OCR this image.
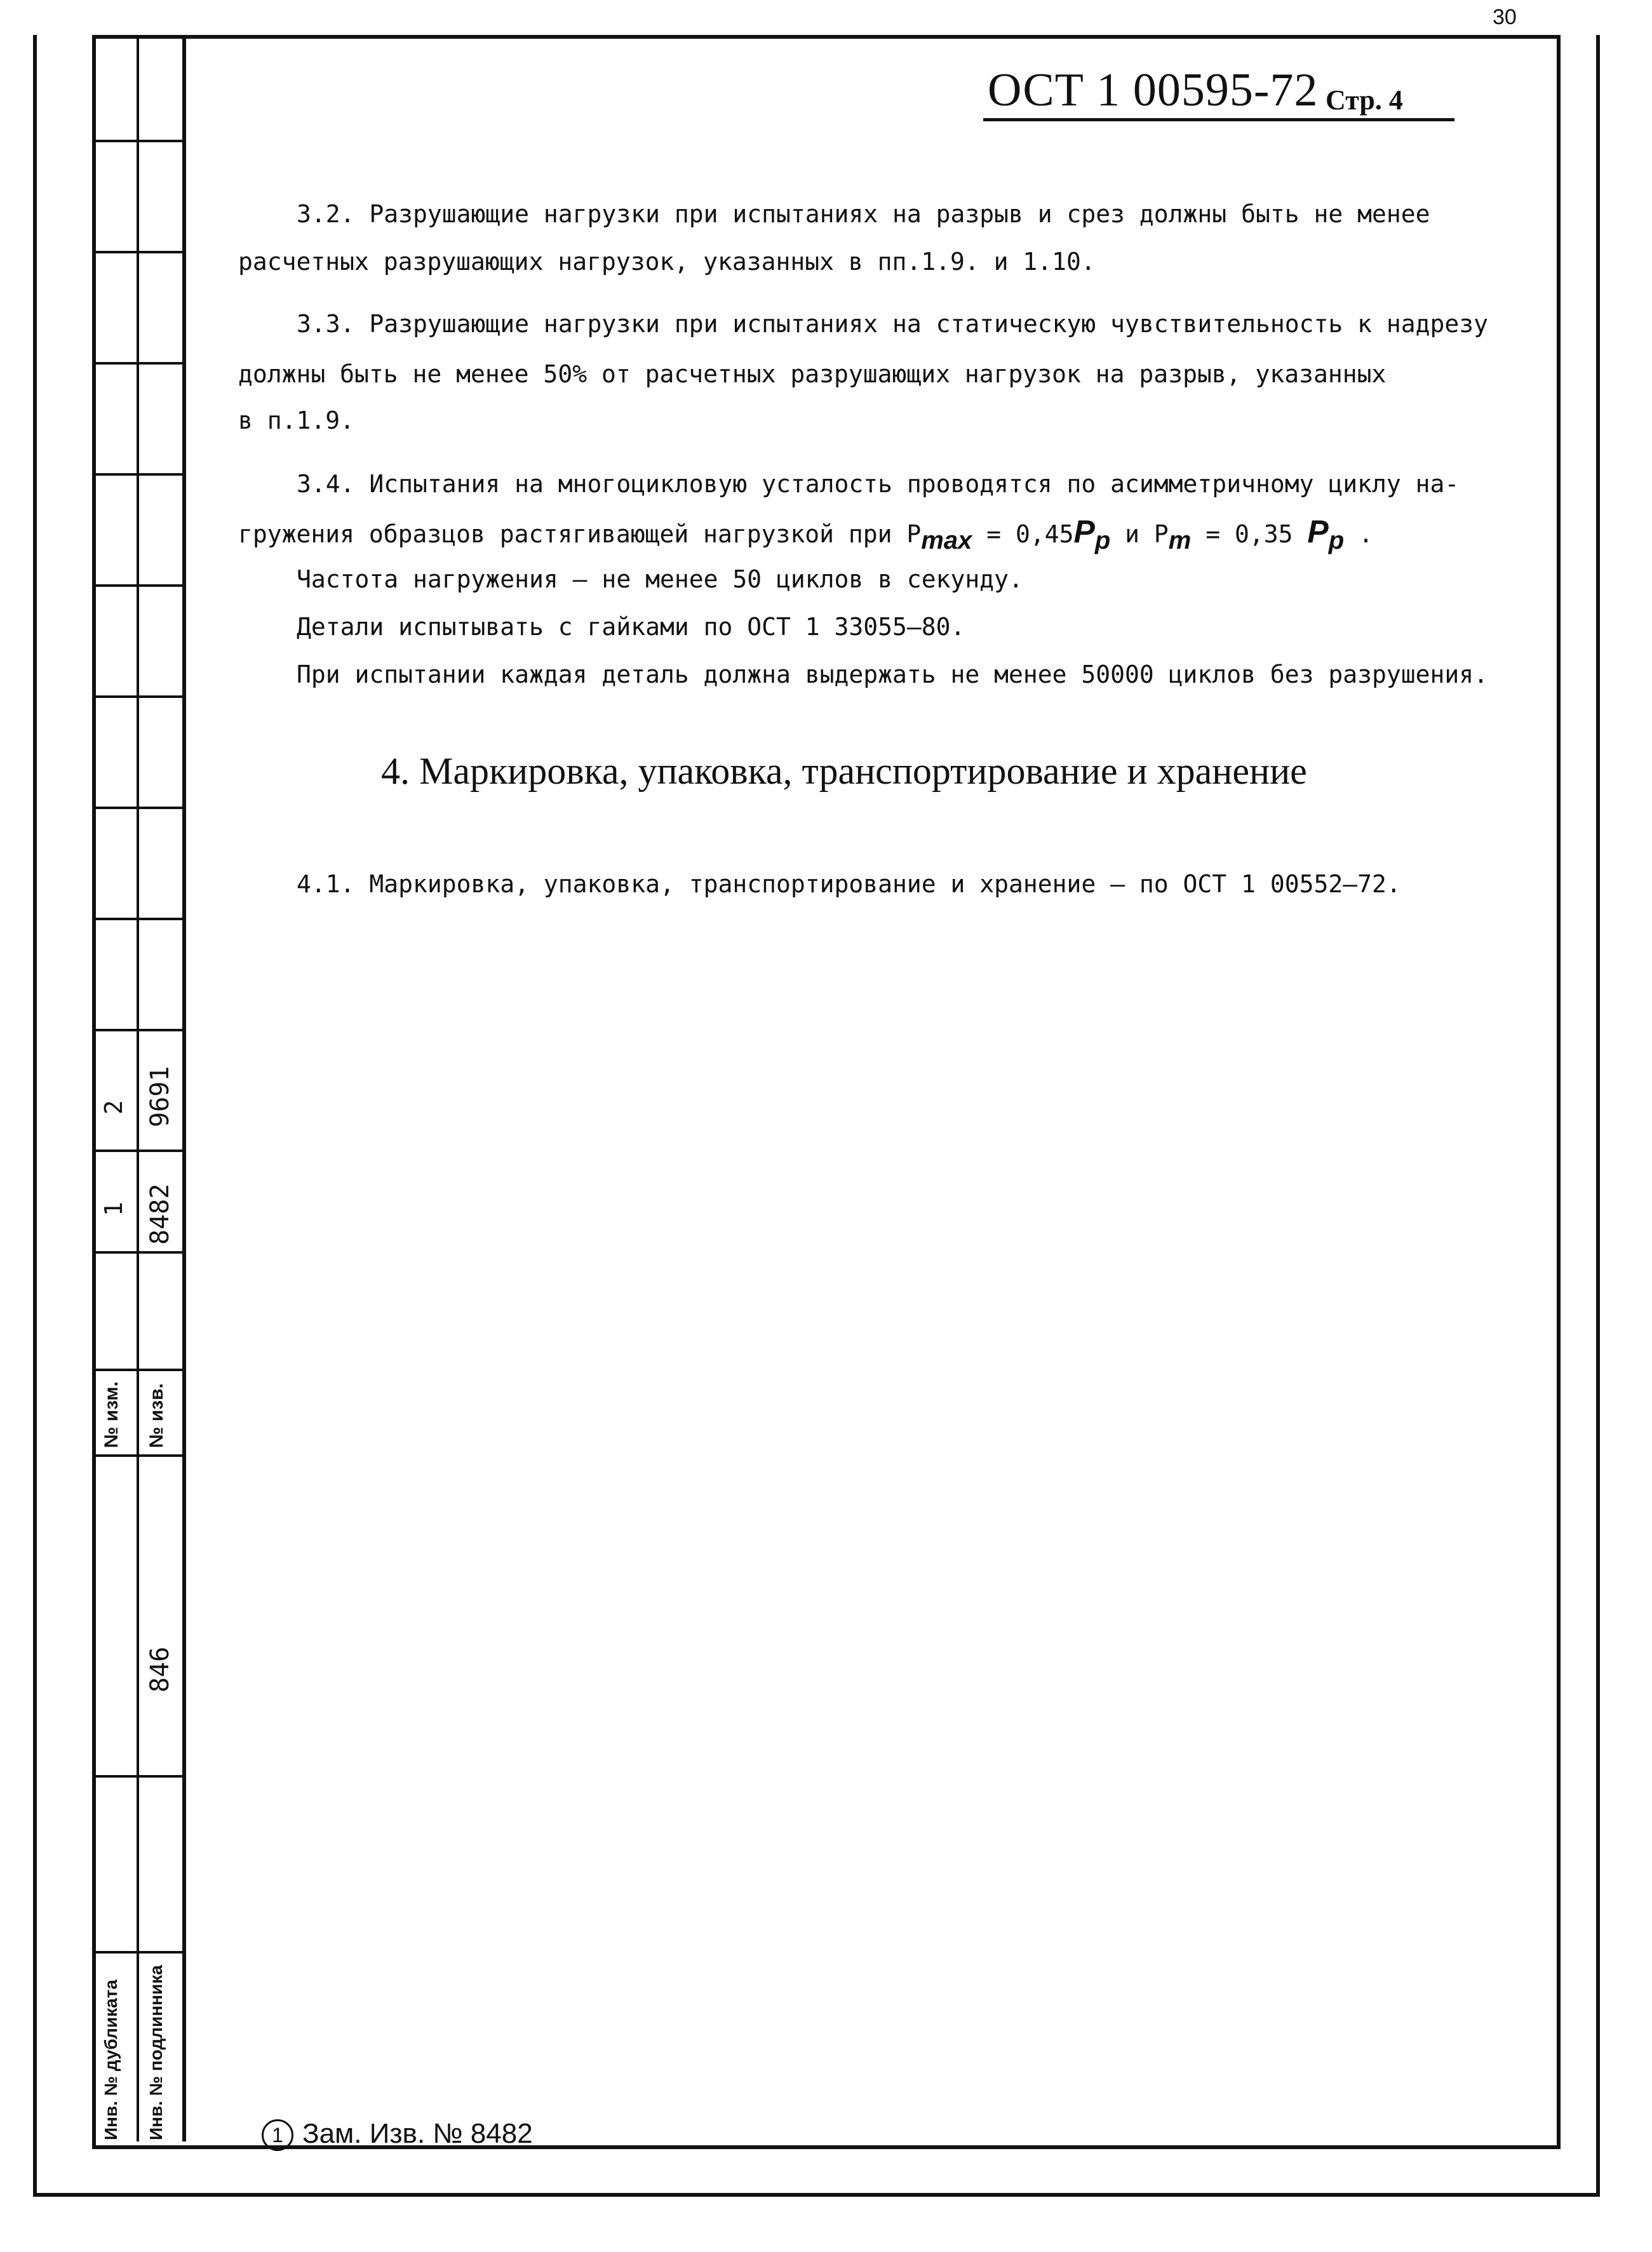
№ изм. № изв.
1
2
8482
9691
846
Инв. № дубликата Инв. № подлинника
30
ОСТ 1 00595-72 Стр. 4
3.2. Разрушающие нагрузки при испытаниях на разрыв и срез должны быть не менее
расчетных разрушающих нагрузок, указанных в пп.1.9. и 1.10.
3.3. Разрушающие нагрузки при испытаниях на статическую чувствительность к надрезу
должны быть не менее 50% от расчетных разрушающих нагрузок на разрыв, указанных
в п.1.9.
3.4. Испытания на многоцикловую усталость проводятся по асимметричному циклу на-
гружения образцов растягивающей нагрузкой при Pmax = 0,45Pp и Pm = 0,35 Pp .
Частота нагружения – не менее 50 циклов в секунду.
Детали испытывать с гайками по ОСТ 1 33055–80.
При испытании каждая деталь должна выдержать не менее 50000 циклов без разрушения.
4. Маркировка, упаковка, транспортирование и хранение
4.1. Маркировка, упаковка, транспортирование и хранение – по ОСТ 1 00552–72.
1 Зам. Изв. № 8482
